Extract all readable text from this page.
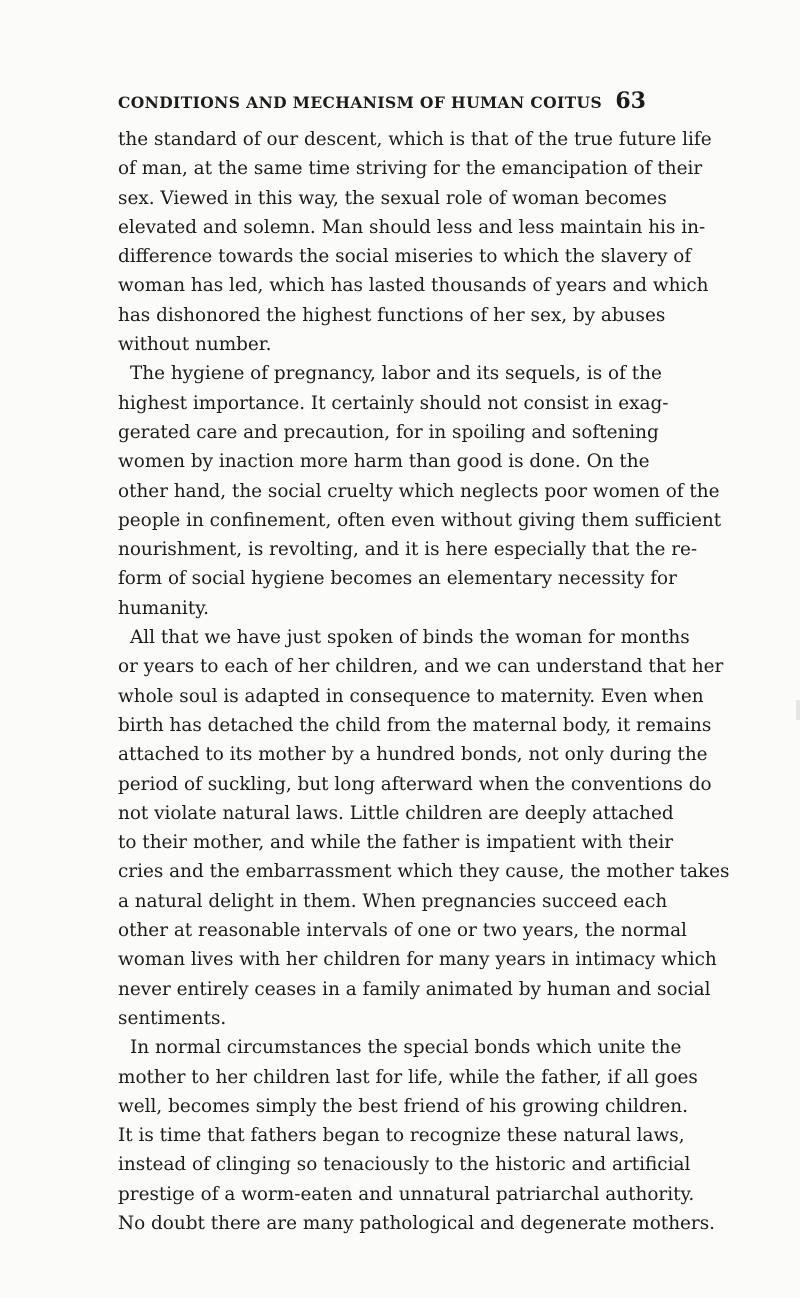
CONDITIONS AND MECHANISM OF HUMAN COITUS 63
the standard of our descent, which is that of the true future life
of man, at the same time striving for the emancipation of their
sex. Viewed in this way, the sexual role of woman becomes
elevated and solemn. Man should less and less maintain his in-
difference towards the social miseries to which the slavery of
woman has led, which has lasted thousands of years and which
has dishonored the highest functions of her sex, by abuses
without number.
The hygiene of pregnancy, labor and its sequels, is of the
highest importance. It certainly should not consist in exag-
gerated care and precaution, for in spoiling and softening
women by inaction more harm than good is done. On the
other hand, the social cruelty which neglects poor women of the
people in confinement, often even without giving them sufficient
nourishment, is revolting, and it is here especially that the re-
form of social hygiene becomes an elementary necessity for
humanity.
All that we have just spoken of binds the woman for months
or years to each of her children, and we can understand that her
whole soul is adapted in consequence to maternity. Even when
birth has detached the child from the maternal body, it remains
attached to its mother by a hundred bonds, not only during the
period of suckling, but long afterward when the conventions do
not violate natural laws. Little children are deeply attached
to their mother, and while the father is impatient with their
cries and the embarrassment which they cause, the mother takes
a natural delight in them. When pregnancies succeed each
other at reasonable intervals of one or two years, the normal
woman lives with her children for many years in intimacy which
never entirely ceases in a family animated by human and social
sentiments.
In normal circumstances the special bonds which unite the
mother to her children last for life, while the father, if all goes
well, becomes simply the best friend of his growing children.
It is time that fathers began to recognize these natural laws,
instead of clinging so tenaciously to the historic and artificial
prestige of a worm-eaten and unnatural patriarchal authority.
No doubt there are many pathological and degenerate mothers.
